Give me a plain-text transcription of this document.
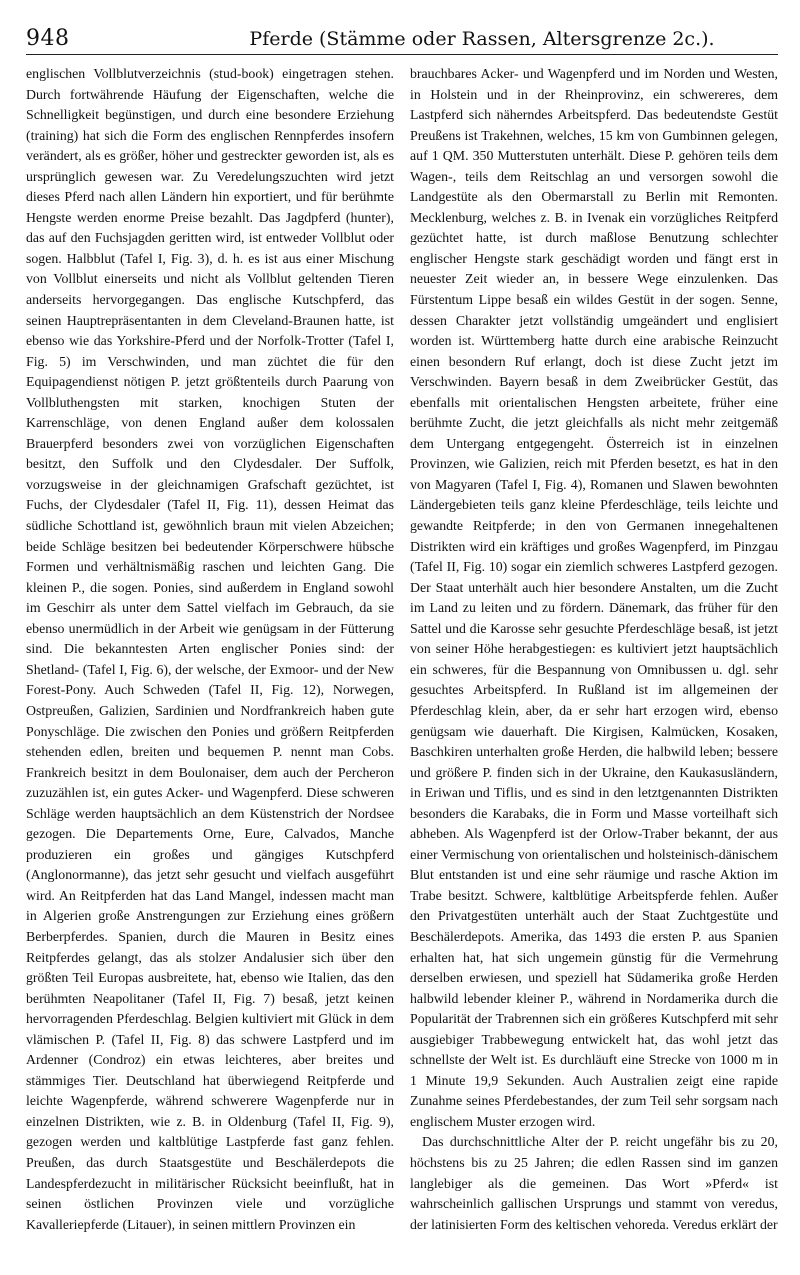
948	Pferde (Stämme oder Rassen, Altersgrenze 2c.).

englischen Vollblutverzeichnis (stud-book) eingetragen stehen. Durch fortwährende Häufung der Eigenschaften, welche die Schnelligkeit begünstigen, und durch eine besondere Erziehung (training) hat sich die Form des englischen Rennpferdes insofern verändert, als es größer, höher und gestreckter geworden ist, als es ursprünglich gewesen war. Zu Veredelungszuchten wird jetzt dieses Pferd nach allen Ländern hin exportiert, und für berühmte Hengste werden enorme Preise bezahlt. Das Jagdpferd (hunter), das auf den Fuchsjagden geritten wird, ist entweder Vollblut oder sogen. Halbblut (Tafel I, Fig. 3), d. h. es ist aus einer Mischung von Vollblut einerseits und nicht als Vollblut geltenden Tieren anderseits hervorgegangen. Das englische Kutschpferd, das seinen Hauptrepräsentanten in dem Cleveland-Braunen hatte, ist ebenso wie das Yorkshire-Pferd und der Norfolk-Trotter (Tafel I, Fig. 5) im Verschwinden, und man züchtet die für den Equipagendienst nötigen P. jetzt größtenteils durch Paarung von Vollbluthengsten mit starken, knochigen Stuten der Karrenschläge, von denen England außer dem kolossalen Brauerpferd besonders zwei von vorzüglichen Eigenschaften besitzt, den Suffolk und den Clydesdaler. Der Suffolk, vorzugsweise in der gleichnamigen Grafschaft gezüchtet, ist Fuchs, der Clydesdaler (Tafel II, Fig. 11), dessen Heimat das südliche Schottland ist, gewöhnlich braun mit vielen Abzeichen; beide Schläge besitzen bei bedeutender Körperschwere hübsche Formen und verhältnismäßig raschen und leichten Gang. Die kleinen P., die sogen. Ponies, sind außerdem in England sowohl im Geschirr als unter dem Sattel vielfach im Gebrauch, da sie ebenso unermüdlich in der Arbeit wie genügsam in der Fütterung sind. Die bekanntesten Arten englischer Ponies sind: der Shetland- (Tafel I, Fig. 6), der welsche, der Exmoor- und der New Forest-Pony. Auch Schweden (Tafel II, Fig. 12), Norwegen, Ostpreußen, Galizien, Sardinien und Nordfrankreich haben gute Ponyschläge. Die zwischen den Ponies und größern Reitpferden stehenden edlen, breiten und bequemen P. nennt man Cobs. Frankreich besitzt in dem Boulonaiser, dem auch der Percheron zuzuzählen ist, ein gutes Acker- und Wagenpferd. Diese schweren Schläge werden hauptsächlich an dem Küstenstrich der Nordsee gezogen. Die Departements Orne, Eure, Calvados, Manche produzieren ein großes und gängiges Kutschpferd (Anglonormanne), das jetzt sehr gesucht und vielfach ausgeführt wird. An Reitpferden hat das Land Mangel, indessen macht man in Algerien große Anstrengungen zur Erziehung eines größern Berberpferdes. Spanien, durch die Mauren in Besitz eines Reitpferdes gelangt, das als stolzer Andalusier sich über den größten Teil Europas ausbreitete, hat, ebenso wie Italien, das den berühmten Neapolitaner (Tafel II, Fig. 7) besaß, jetzt keinen hervorragenden Pferdeschlag. Belgien kultiviert mit Glück in dem vlämischen P. (Tafel II, Fig. 8) das schwere Lastpferd und im Ardenner (Condroz) ein etwas leichteres, aber breites und stämmiges Tier. Deutschland hat überwiegend Reitpferde und leichte Wagenpferde, während schwerere Wagenpferde nur in einzelnen Distrikten, wie z. B. in Oldenburg (Tafel II, Fig. 9), gezogen werden und kaltblütige Lastpferde fast ganz fehlen. Preußen, das durch Staatsgestüte und Beschälerdepots die Landespferdezucht in militärischer Rücksicht beeinflußt, hat in seinen östlichen Provinzen viele und vorzügliche Kavalleriepferde (Litauer), in seinen mittlern Provinzen ein

brauchbares Acker- und Wagenpferd und im Norden und Westen, in Holstein und in der Rheinprovinz, ein schwereres, dem Lastpferd sich näherndes Arbeitspferd. Das bedeutendste Gestüt Preußens ist Trakehnen, welches, 15 km von Gumbinnen gelegen, auf 1 QM. 350 Mutterstuten unterhält. Diese P. gehören teils dem Wagen-, teils dem Reitschlag an und versorgen sowohl die Landgestüte als den Obermarstall zu Berlin mit Remonten. Mecklenburg, welches z. B. in Ivenak ein vorzügliches Reitpferd gezüchtet hatte, ist durch maßlose Benutzung schlechter englischer Hengste stark geschädigt worden und fängt erst in neuester Zeit wieder an, in bessere Wege einzulenken. Das Fürstentum Lippe besaß ein wildes Gestüt in der sogen. Senne, dessen Charakter jetzt vollständig umgeändert und englisiert worden ist. Württemberg hatte durch eine arabische Reinzucht einen besondern Ruf erlangt, doch ist diese Zucht jetzt im Verschwinden. Bayern besaß in dem Zweibrücker Gestüt, das ebenfalls mit orientalischen Hengsten arbeitete, früher eine berühmte Zucht, die jetzt gleichfalls als nicht mehr zeitgemäß dem Untergang entgegengeht. Österreich ist in einzelnen Provinzen, wie Galizien, reich mit Pferden besetzt, es hat in den von Magyaren (Tafel I, Fig. 4), Romanen und Slawen bewohnten Ländergebieten teils ganz kleine Pferdeschläge, teils leichte und gewandte Reitpferde; in den von Germanen innegehaltenen Distrikten wird ein kräftiges und großes Wagenpferd, im Pinzgau (Tafel II, Fig. 10) sogar ein ziemlich schweres Lastpferd gezogen. Der Staat unterhält auch hier besondere Anstalten, um die Zucht im Land zu leiten und zu fördern. Dänemark, das früher für den Sattel und die Karosse sehr gesuchte Pferdeschläge besaß, ist jetzt von seiner Höhe herabgestiegen: es kultiviert jetzt hauptsächlich ein schweres, für die Bespannung von Omnibussen u. dgl. sehr gesuchtes Arbeitspferd. In Rußland ist im allgemeinen der Pferdeschlag klein, aber, da er sehr hart erzogen wird, ebenso genügsam wie dauerhaft. Die Kirgisen, Kalmücken, Kosaken, Baschkiren unterhalten große Herden, die halbwild leben; bessere und größere P. finden sich in der Ukraine, den Kaukasusländern, in Eriwan und Tiflis, und es sind in den letztgenannten Distrikten besonders die Karabaks, die in Form und Masse vorteilhaft sich abheben. Als Wagenpferd ist der Orlow-Traber bekannt, der aus einer Vermischung von orientalischen und holsteinisch-dänischem Blut entstanden ist und eine sehr räumige und rasche Aktion im Trabe besitzt. Schwere, kaltblütige Arbeitspferde fehlen. Außer den Privatgestüten unterhält auch der Staat Zuchtgestüte und Beschälerdepots. Amerika, das 1493 die ersten P. aus Spanien erhalten hat, hat sich ungemein günstig für die Vermehrung derselben erwiesen, und speziell hat Südamerika große Herden halbwild lebender kleiner P., während in Nordamerika durch die Popularität der Trabrennen sich ein größeres Kutschpferd mit sehr ausgiebiger Trabbewegung entwickelt hat, das wohl jetzt das schnellste der Welt ist. Es durchläuft eine Strecke von 1000 m in 1 Minute 19,9 Sekunden. Auch Australien zeigt eine rapide Zunahme seines Pferdebestandes, der zum Teil sehr sorgsam nach englischem Muster erzogen wird.

Das durchschnittliche Alter der P. reicht ungefähr bis zu 20, höchstens bis zu 25 Jahren; die edlen Rassen sind im ganzen langlebiger als die gemeinen. Das Wort »Pferd« ist wahrscheinlich gallischen Ursprungs und stammt von veredus, der latinisierten Form des keltischen vehoreda. Veredus erklärt der
